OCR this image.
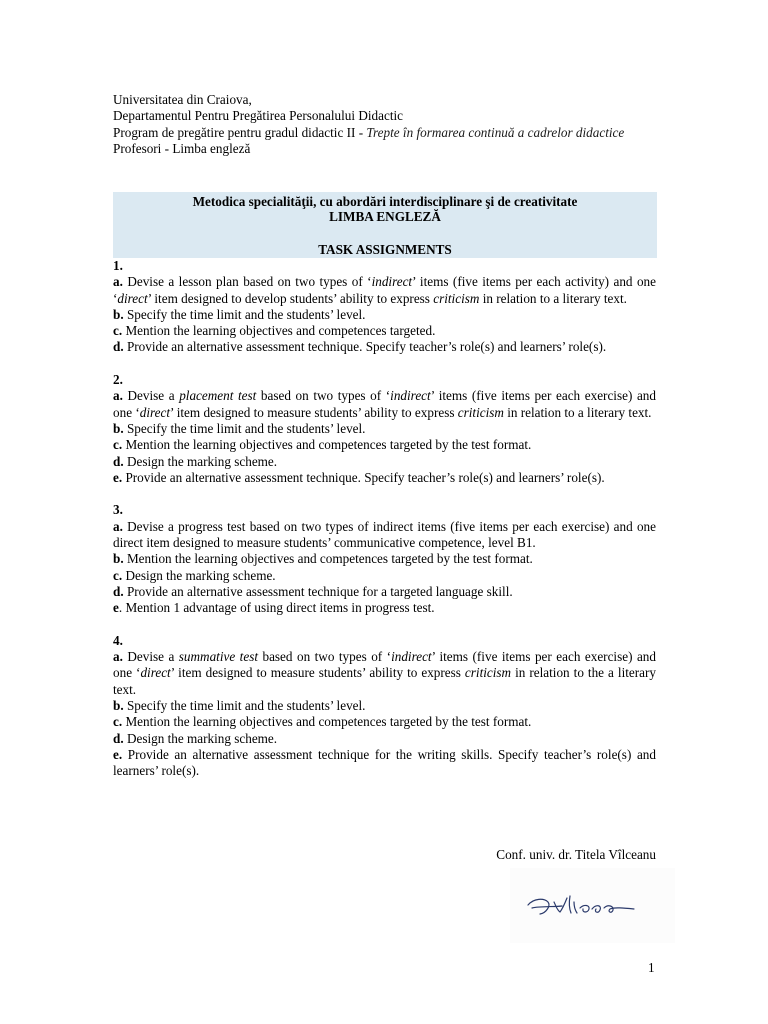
Universitatea din Craiova,
Departamentul Pentru Pregătirea Personalului Didactic
Program de pregătire pentru gradul didactic II - Trepte în formarea continuă a cadrelor didactice
Profesori - Limba engleză
Metodica specialităţii, cu abordări interdisciplinare şi de creativitate
LIMBA ENGLEZĂ
TASK ASSIGNMENTS

1.

a. Devise a lesson plan based on two types of ‘indirect’ items (five items per each activity) and one ‘direct’ item designed to develop students’ ability to express criticism in relation to a literary text.

b. Specify the time limit and the students’ level.

c. Mention the learning objectives and competences targeted.

d. Provide an alternative assessment technique. Specify teacher’s role(s) and learners’ role(s).

2.

a. Devise a placement test based on two types of ‘indirect’ items (five items per each exercise) and one ‘direct’ item designed to measure students’ ability to express criticism in relation to a literary text.

b. Specify the time limit and the students’ level.

c. Mention the learning objectives and competences targeted by the test format.

d. Design the marking scheme.

e. Provide an alternative assessment technique. Specify teacher’s role(s) and learners’ role(s).

3.

a. Devise a progress test based on two types of indirect items (five items per each exercise) and one direct item designed to measure students’ communicative competence, level B1.

b. Mention the learning objectives and competences targeted by the test format.

c. Design the marking scheme.

d. Provide an alternative assessment technique for a targeted language skill.

e. Mention 1 advantage of using direct items in progress test.

4.

a. Devise a summative test based on two types of ‘indirect’ items (five items per each exercise) and one ‘direct’ item designed to measure students’ ability to express criticism in relation to the a literary text.

b. Specify the time limit and the students’ level.

c. Mention the learning objectives and competences targeted by the test format.

d. Design the marking scheme.

e. Provide an alternative assessment technique for the writing skills. Specify teacher’s role(s) and learners’ role(s).

Conf. univ. dr. Titela Vîlceanu
1
